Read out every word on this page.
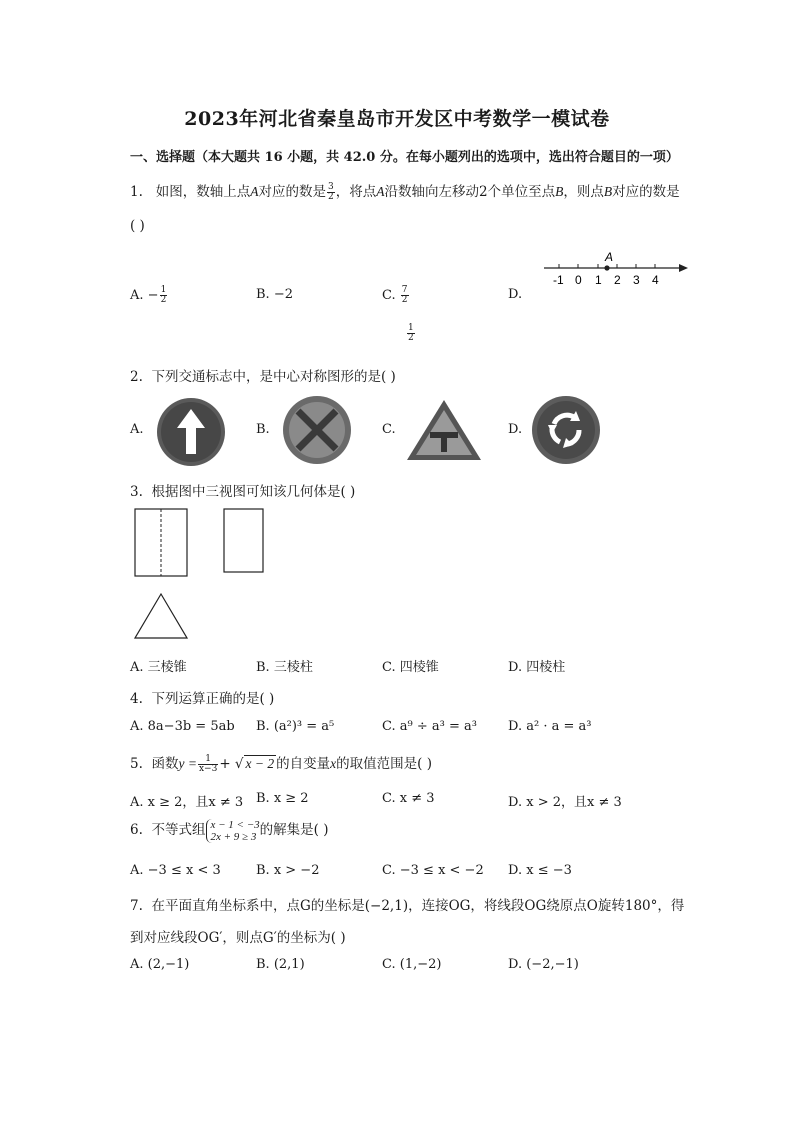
2023年河北省秦皇岛市开发区中考数学一模试卷
一、选择题（本大题共 16 小题，共 42.0 分。在每小题列出的选项中，选出符合题目的一项）
1. 如图，数轴上点A对应的数是 $\frac{3}{2}$ ，将点A沿数轴向左移动2个单位至点B，则点B对应的数是
( )
A
-1 0 1 2 3 4
A. − $\frac{1}{2}$	B. −2	C. $\frac{7}{2}$	D.
$\frac{1}{2}$
2. 下列交通标志中，是中心对称图形的是( )
A.	B.	C.	D.
3. 根据图中三视图可知该几何体是( )
A. 三棱锥	B. 三棱柱	C. 四棱锥	D. 四棱柱
4. 下列运算正确的是( )
A. 8a−3b = 5ab B. (a²)³ = a⁵	C. a⁹ ÷ a³ = a³ D. a² · a = a³
5. 函数$y = \frac{1}{x-3}$ + √ x − 2 的自变量x的取值范围是( )
A. x ≥ 2，且x ≠ 3 B. x ≥ 2	C. x ≠ 3	D. x > 2，且x ≠ 3
6. 不等式组 x − 1 < −3
2x + 9 ≥ 3 的解集是( )
A. −3 ≤ x < 3	B. x > −2	C. −3 ≤ x < −2 D. x ≤ −3
7. 在平面直角坐标系中，点G的坐标是(−2,1)，连接OG，将线段OG绕原点O旋转180°，得
到对应线段OG′，则点G′的坐标为( )
A. (2,−1)	B. (2,1)	C. (1,−2)	D. (−2,−1)
